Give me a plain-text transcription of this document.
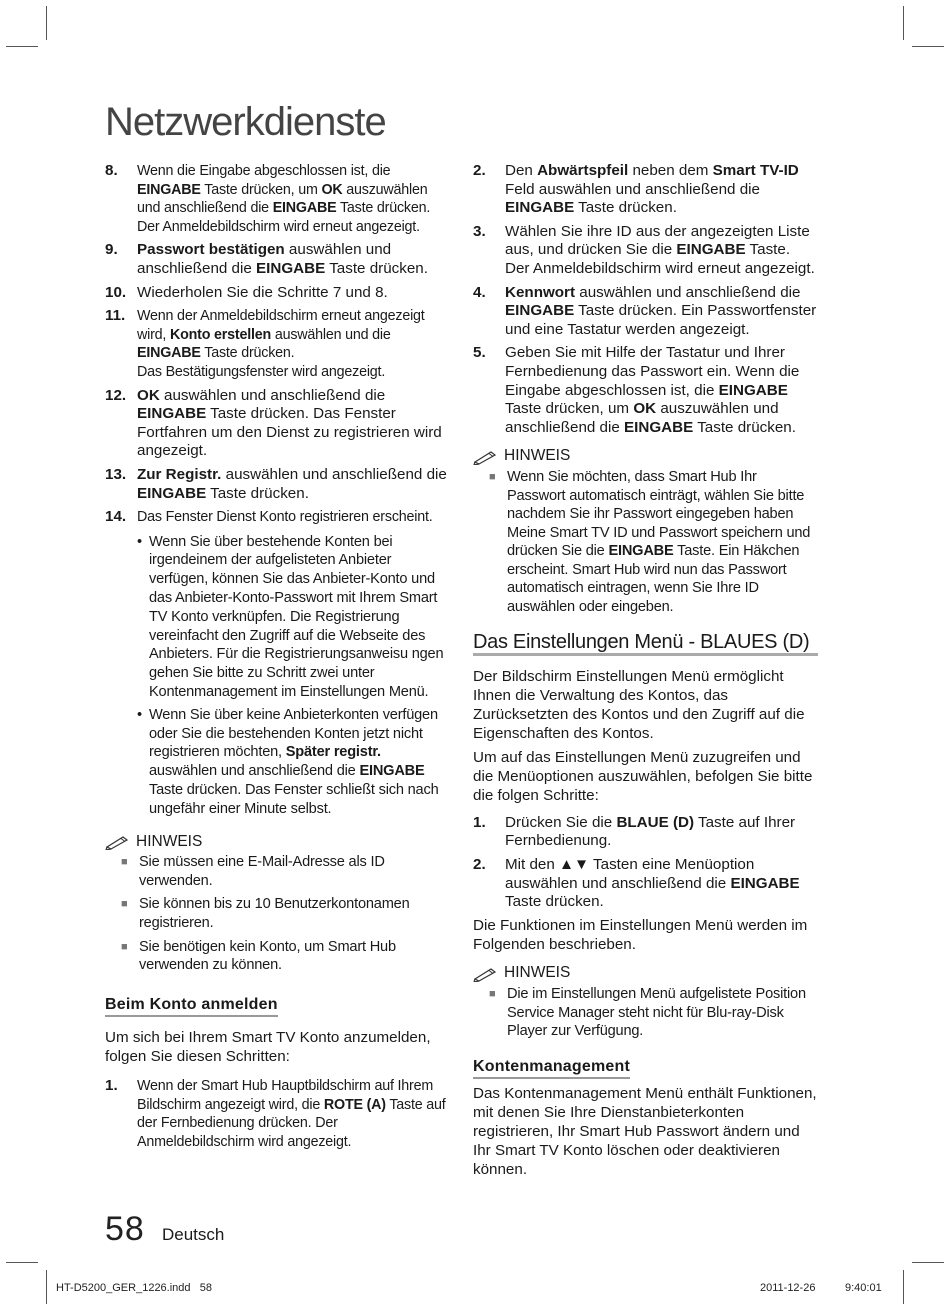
Netzwerkdienste
8.	Wenn die Eingabe abgeschlossen ist, die EINGABE Taste drücken, um OK auszuwählen und anschließend die EINGABE Taste drücken. Der Anmeldebildschirm wird erneut angezeigt.
9.	Passwort bestätigen auswählen und anschließend die EINGABE Taste drücken.
10. Wiederholen Sie die Schritte 7 und 8.
11. Wenn der Anmeldebildschirm erneut angezeigt wird, Konto erstellen auswählen und die EINGABE Taste drücken.
Das Bestätigungsfenster wird angezeigt.
12. OK auswählen und anschließend die EINGABE Taste drücken. Das Fenster Fortfahren um den Dienst zu registrieren wird angezeigt.
13. Zur Registr. auswählen und anschließend die EINGABE Taste drücken.
14. Das Fenster Dienst Konto registrieren erscheint.
• Wenn Sie über bestehende Konten bei irgendeinem der aufgelisteten Anbieter verfügen, können Sie das Anbieter-Konto und das Anbieter-Konto-Passwort mit Ihrem Smart TV Konto verknüpfen. Die Registrierung vereinfacht den Zugriff auf die Webseite des Anbieters. Für die Registrierungsanweisu ngen gehen Sie bitte zu Schritt zwei unter Kontenmanagement im Einstellungen Menü.
• Wenn Sie über keine Anbieterkonten verfügen oder Sie die bestehenden Konten jetzt nicht registrieren möchten, Später registr. auswählen und anschließend die EINGABE Taste drücken. Das Fenster schließt sich nach ungefähr einer Minute selbst.
HINWEIS
■ Sie müssen eine E-Mail-Adresse als ID verwenden.
■ Sie können bis zu 10 Benutzerkontonamen registrieren.
■ Sie benötigen kein Konto, um Smart Hub verwenden zu können.
Beim Konto anmelden
Um sich bei Ihrem Smart TV Konto anzumelden, folgen Sie diesen Schritten:
1.	Wenn der Smart Hub Hauptbildschirm auf Ihrem Bildschirm angezeigt wird, die ROTE (A) Taste auf der Fernbedienung drücken. Der Anmeldebildschirm wird angezeigt.
2.	Den Abwärtspfeil neben dem Smart TV-ID Feld auswählen und anschließend die EINGABE Taste drücken.
3.	Wählen Sie ihre ID aus der angezeigten Liste aus, und drücken Sie die EINGABE Taste. Der Anmeldebildschirm wird erneut angezeigt.
4.	Kennwort auswählen und anschließend die EINGABE Taste drücken. Ein Passwortfenster und eine Tastatur werden angezeigt.
5.	Geben Sie mit Hilfe der Tastatur und Ihrer Fernbedienung das Passwort ein. Wenn die Eingabe abgeschlossen ist, die EINGABE Taste drücken, um OK auszuwählen und anschließend die EINGABE Taste drücken.
HINWEIS
■ Wenn Sie möchten, dass Smart Hub Ihr Passwort automatisch einträgt, wählen Sie bitte nachdem Sie ihr Passwort eingegeben haben Meine Smart TV ID und Passwort speichern und drücken Sie die EINGABE Taste. Ein Häkchen erscheint. Smart Hub wird nun das Passwort automatisch eintragen, wenn Sie Ihre ID auswählen oder eingeben.
Das Einstellungen Menü - BLAUES (D)
Der Bildschirm Einstellungen Menü ermöglicht Ihnen die Verwaltung des Kontos, das Zurücksetzten des Kontos und den Zugriff auf die Eigenschaften des Kontos.
Um auf das Einstellungen Menü zuzugreifen und die Menüoptionen auszuwählen, befolgen Sie bitte die folgen Schritte:
1.	Drücken Sie die BLAUE (D) Taste auf Ihrer Fernbedienung.
2.	Mit den ▲▼ Tasten eine Menüoption auswählen und anschließend die EINGABE Taste drücken.
Die Funktionen im Einstellungen Menü werden im Folgenden beschrieben.
HINWEIS
■ Die im Einstellungen Menü aufgelistete Position Service Manager steht nicht für Blu-ray-Disk Player zur Verfügung.
Kontenmanagement
Das Kontenmanagement Menü enthält Funktionen, mit denen Sie Ihre Dienstanbieterkonten registrieren, Ihr Smart Hub Passwort ändern und Ihr Smart TV Konto löschen oder deaktivieren können.
58 Deutsch
HT-D5200_GER_1226.indd   58	2011-12-26	9:40:01
